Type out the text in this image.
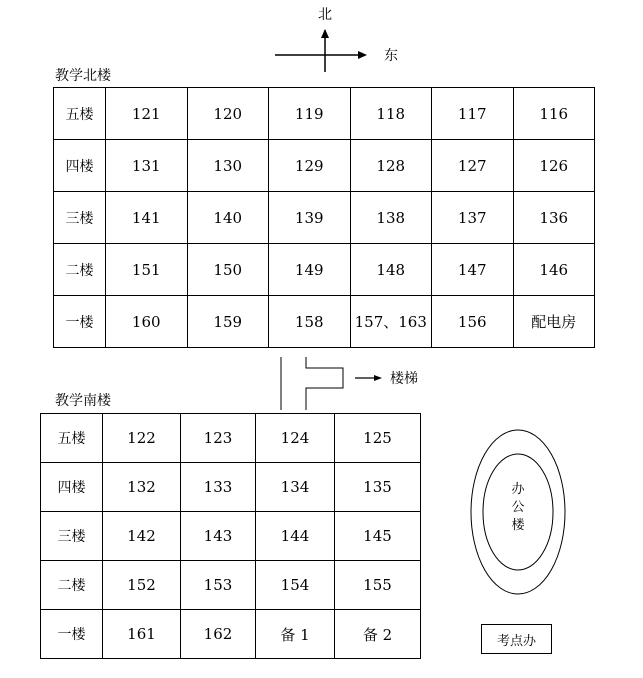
北
东
教学北楼
五楼	121	120	119	118	117	116
四楼	131	130	129	128	127	126
三楼	141	140	139	138	137	136
二楼	151	150	149	148	147	146
一楼	160	159	158	157、163	156	配电房
楼梯
教学南楼
五楼	122	123	124	125
四楼	132	133	134	135
三楼	142	143	144	145
二楼	152	153	154	155
一楼	161	162	备 1	备 2
办
公
楼
考点办
